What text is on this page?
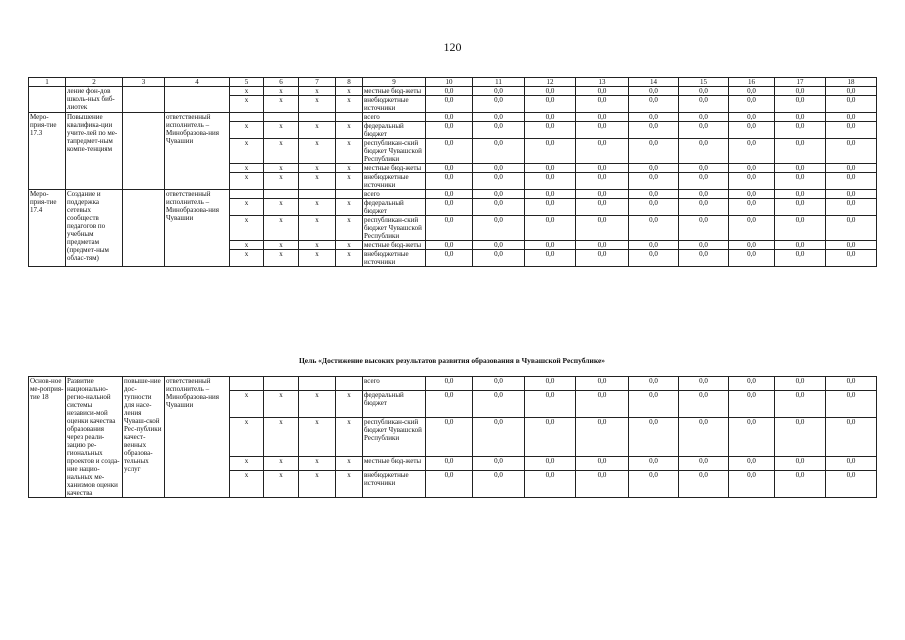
120
1	2	3	4	5	6	7	8	9	10	11	12	13	14	15	16	17	18
	ление фон-дов школь-ных биб-лиотек			x	x	x	x	местные бюд-жеты	0,0	0,0	0,0	0,0	0,0	0,0	0,0	0,0	0,0
				x	x	x	x	внебюджетные источники	0,0	0,0	0,0	0,0	0,0	0,0	0,0	0,0	0,0
Меро-прия-тие 17.3	Повышение квалифика-ции учите-лей по ме-тапредмет-ным компе-тенциям		ответственный исполнитель – Минобразова-ния Чувашии					всего	0,0	0,0	0,0	0,0	0,0	0,0	0,0	0,0	0,0
				x	x	x	x	федеральный бюджет	0,0	0,0	0,0	0,0	0,0	0,0	0,0	0,0	0,0
				x	x	x	x	республикан-ский бюджет Чувашской Республики	0,0	0,0	0,0	0,0	0,0	0,0	0,0	0,0	0,0
				x	x	x	x	местные бюд-жеты	0,0	0,0	0,0	0,0	0,0	0,0	0,0	0,0	0,0
				x	x	x	x	внебюджетные источники	0,0	0,0	0,0	0,0	0,0	0,0	0,0	0,0	0,0
Меро-прия-тие 17.4	Создание и поддержка сетевых сообществ педагогов по учебным предметам (предмет-ным облас-тям)		ответственный исполнитель – Минобразова-ния Чувашии					всего	0,0	0,0	0,0	0,0	0,0	0,0	0,0	0,0	0,0
				x	x	x	x	федеральный бюджет	0,0	0,0	0,0	0,0	0,0	0,0	0,0	0,0	0,0
				x	x	x	x	республикан-ский бюджет Чувашской Республики	0,0	0,0	0,0	0,0	0,0	0,0	0,0	0,0	0,0
				x	x	x	x	местные бюд-жеты	0,0	0,0	0,0	0,0	0,0	0,0	0,0	0,0	0,0
				x	x	x	x	внебюджетные источники	0,0	0,0	0,0	0,0	0,0	0,0	0,0	0,0	0,0
Цель «Достижение высоких результатов развития образования в Чувашской Республике»
Основ-ное ме-роприя-тие 18	Развитие национально-регио-нальной системы независи-мой оценки качества образования через реали-зацию ре-гиональных проектов и созда-ние нацио-нальных ме-ханизмов оценки качества	повыше-ние дос-тупности для насе-ления Чуваш-ской Рес-публики качест-венных образова-тельных услуг	ответственный исполнитель – Минобразова-ния Чувашии					всего	0,0	0,0	0,0	0,0	0,0	0,0	0,0	0,0	0,0
				x	x	x	x	федеральный бюджет	0,0	0,0	0,0	0,0	0,0	0,0	0,0	0,0	0,0
				x	x	x	x	республикан-ский бюджет Чувашской Республики	0,0	0,0	0,0	0,0	0,0	0,0	0,0	0,0	0,0
				x	x	x	x	местные бюд-жеты	0,0	0,0	0,0	0,0	0,0	0,0	0,0	0,0	0,0
				x	x	x	x	внебюджетные источники	0,0	0,0	0,0	0,0	0,0	0,0	0,0	0,0	0,0
